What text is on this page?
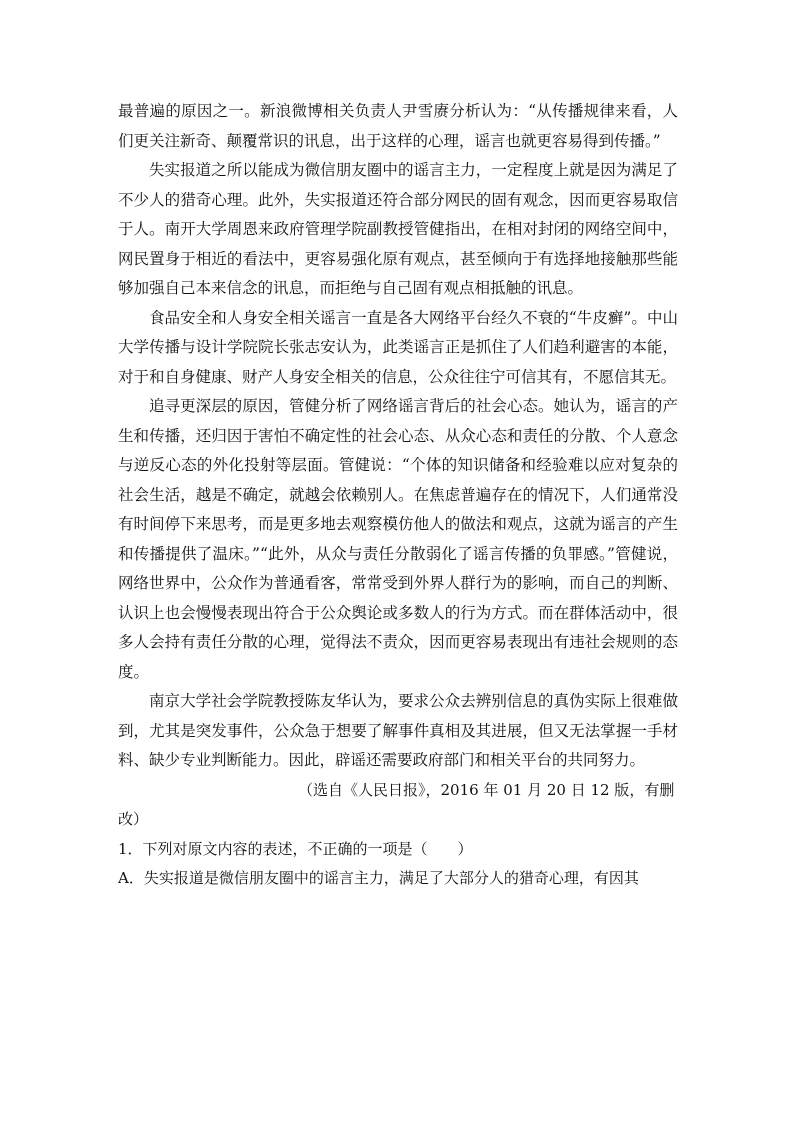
最普遍的原因之一。新浪微博相关负责人尹雪赓分析认为：“从传播规律来看，人们更关注新奇、颠覆常识的讯息，出于这样的心理，谣言也就更容易得到传播。”

失实报道之所以能成为微信朋友圈中的谣言主力，一定程度上就是因为满足了不少人的猎奇心理。此外，失实报道还符合部分网民的固有观念，因而更容易取信于人。南开大学周恩来政府管理学院副教授管健指出，在相对封闭的网络空间中，网民置身于相近的看法中，更容易强化原有观点，甚至倾向于有选择地接触那些能够加强自己本来信念的讯息，而拒绝与自己固有观点相抵触的讯息。

食品安全和人身安全相关谣言一直是各大网络平台经久不衰的“牛皮癣”。中山大学传播与设计学院院长张志安认为，此类谣言正是抓住了人们趋利避害的本能，对于和自身健康、财产人身安全相关的信息，公众往往宁可信其有，不愿信其无。

追寻更深层的原因，管健分析了网络谣言背后的社会心态。她认为，谣言的产生和传播，还归因于害怕不确定性的社会心态、从众心态和责任的分散、个人意念与逆反心态的外化投射等层面。管健说：“个体的知识储备和经验难以应对复杂的社会生活，越是不确定，就越会依赖别人。在焦虑普遍存在的情况下，人们通常没有时间停下来思考，而是更多地去观察模仿他人的做法和观点，这就为谣言的产生和传播提供了温床。”“此外，从众与责任分散弱化了谣言传播的负罪感。”管健说，网络世界中，公众作为普通看客，常常受到外界人群行为的影响，而自己的判断、认识上也会慢慢表现出符合于公众舆论或多数人的行为方式。而在群体活动中，很多人会持有责任分散的心理，觉得法不责众，因而更容易表现出有违社会规则的态度。

南京大学社会学院教授陈友华认为，要求公众去辨别信息的真伪实际上很难做到，尤其是突发事件，公众急于想要了解事件真相及其进展，但又无法掌握一手材料、缺少专业判断能力。因此，辟谣还需要政府部门和相关平台的共同努力。

（选自《人民日报》，2016 年 01 月 20 日 12 版，有删
改）

1．下列对原文内容的表述，不正确的一项是（　　）

A．失实报道是微信朋友圈中的谣言主力，满足了大部分人的猎奇心理，有因其
